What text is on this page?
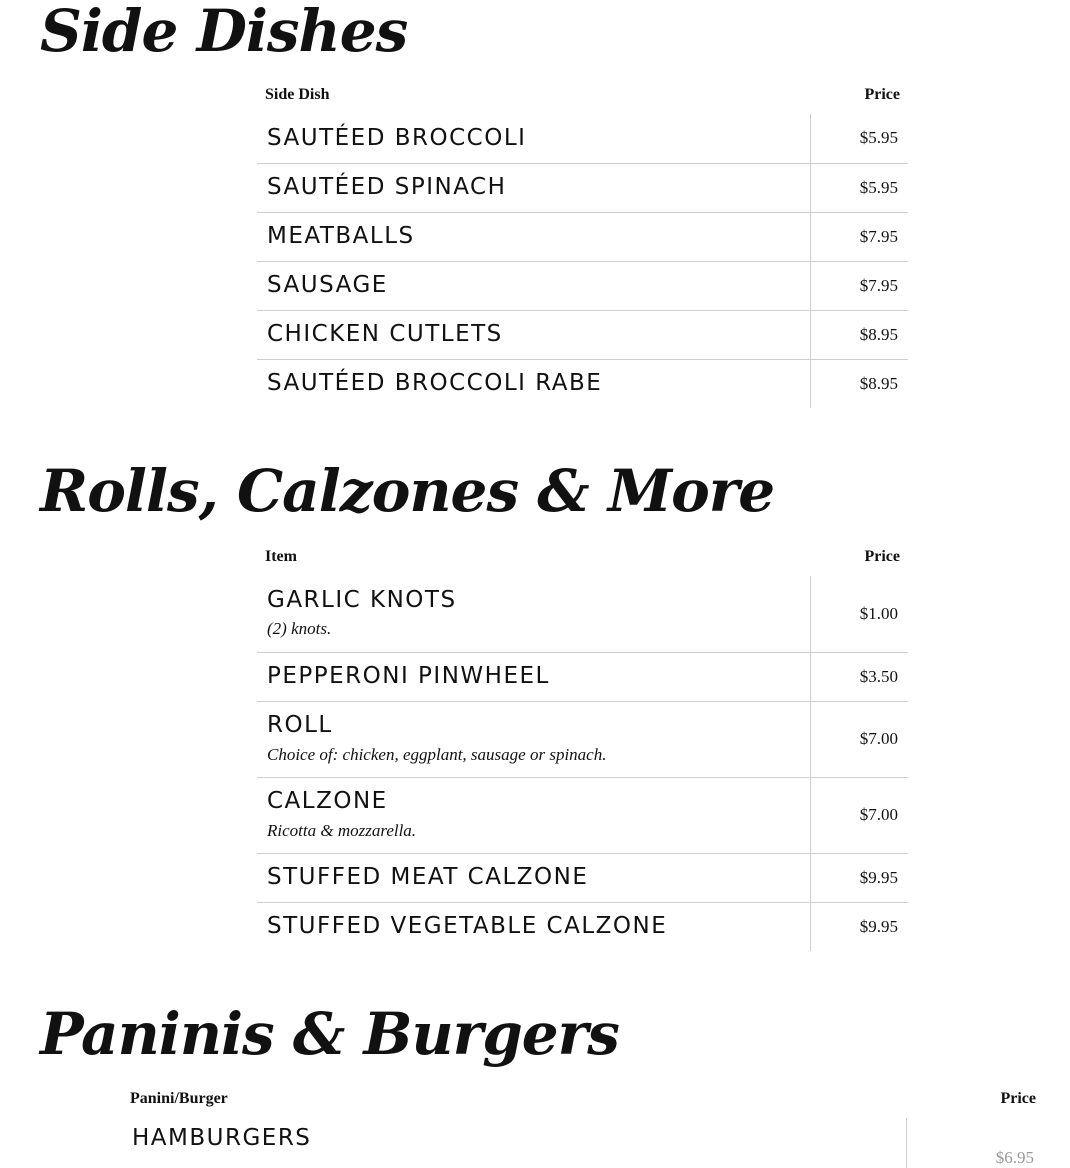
Side Dishes
Side Dish	Price

SAUTÉED BROCCOLI	$5.95

SAUTÉED SPINACH	$5.95

MEATBALLS	$7.95

SAUSAGE	$7.95

CHICKEN CUTLETS	$8.95

SAUTÉED BROCCOLI RABE	$8.95
Rolls, Calzones & More
Item	Price

GARLIC KNOTS
(2) knots.	$1.00

PEPPERONI PINWHEEL	$3.50

ROLL
Choice of: chicken, eggplant, sausage or spinach.	$7.00

CALZONE
Ricotta & mozzarella.	$7.00

STUFFED MEAT CALZONE	$9.95

STUFFED VEGETABLE CALZONE	$9.95
Paninis & Burgers
Panini/Burger	Price

HAMBURGERS	$6.95
